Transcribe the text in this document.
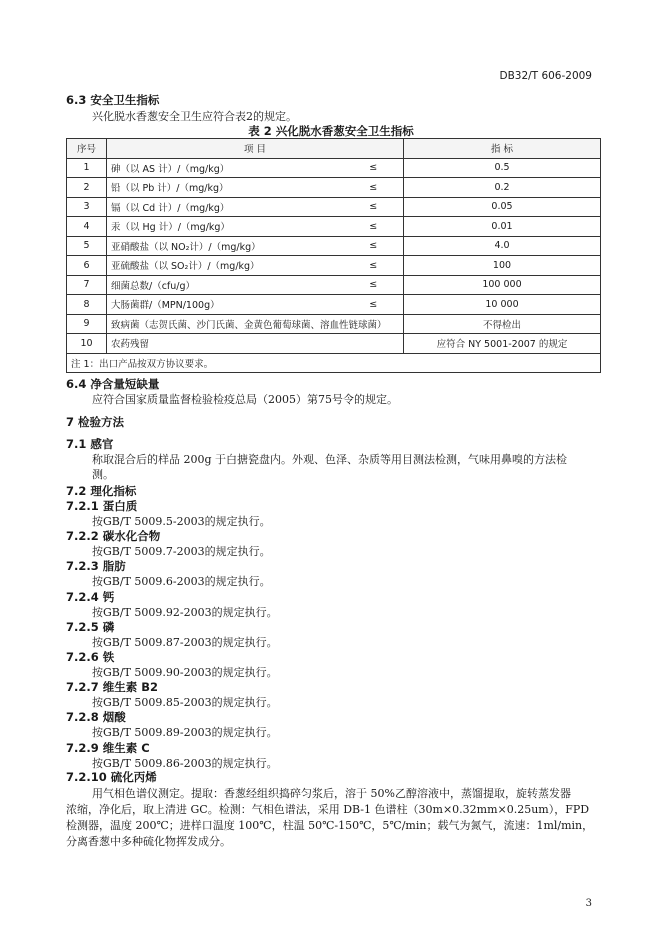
DB32/T 606-2009
6.3 安全卫生指标
兴化脱水香葱安全卫生应符合表2的规定。
表 2 兴化脱水香葱安全卫生指标
序号	项 目		指 标
1	砷（以 AS 计）/（mg/kg）	≤	0.5
2	铅（以 Pb 计）/（mg/kg）	≤	0.2
3	镉（以 Cd 计）/（mg/kg）	≤	0.05
4	汞（以 Hg 计）/（mg/kg）	≤	0.01
5	亚硝酸盐（以 NO₂计）/（mg/kg）	≤	4.0
6	亚硫酸盐（以 SO₂计）/（mg/kg）	≤	100
7	细菌总数/（cfu/g）	≤	100 000
8	大肠菌群/（MPN/100g）	≤	10 000
9	致病菌（志贺氏菌、沙门氏菌、金黄色葡萄球菌、溶血性链球菌）		不得检出
10	农药残留		应符合 NY 5001-2007 的规定
注 1：出口产品按双方协议要求。			
6.4 净含量短缺量
应符合国家质量监督检验检疫总局（2005）第75号令的规定。
7 检验方法
7.1 感官
称取混合后的样品 200g 于白搪瓷盘内。外观、色泽、杂质等用目测法检测，气味用鼻嗅的方法检
测。
7.2 理化指标
7.2.1 蛋白质
按GB/T 5009.5-2003的规定执行。
7.2.2 碳水化合物
按GB/T 5009.7-2003的规定执行。
7.2.3 脂肪
按GB/T 5009.6-2003的规定执行。
7.2.4 钙
按GB/T 5009.92-2003的规定执行。
7.2.5 磷
按GB/T 5009.87-2003的规定执行。
7.2.6 铁
按GB/T 5009.90-2003的规定执行。
7.2.7 维生素 B2
按GB/T 5009.85-2003的规定执行。
7.2.8 烟酸
按GB/T 5009.89-2003的规定执行。
7.2.9 维生素 C
按GB/T 5009.86-2003的规定执行。
7.2.10 硫化丙烯
用气相色谱仪测定。提取：香葱经组织捣碎匀浆后，溶于 50%乙醇溶液中，蒸馏提取，旋转蒸发器
浓缩，净化后，取上清进 GC。检测：气相色谱法，采用 DB-1 色谱柱（30m×0.32mm×0.25um），FPD
检测器，温度 200℃；进样口温度 100℃，柱温 50℃-150℃，5℃/min；载气为氮气，流速：1ml/min，
分离香葱中多种硫化物挥发成分。
3
